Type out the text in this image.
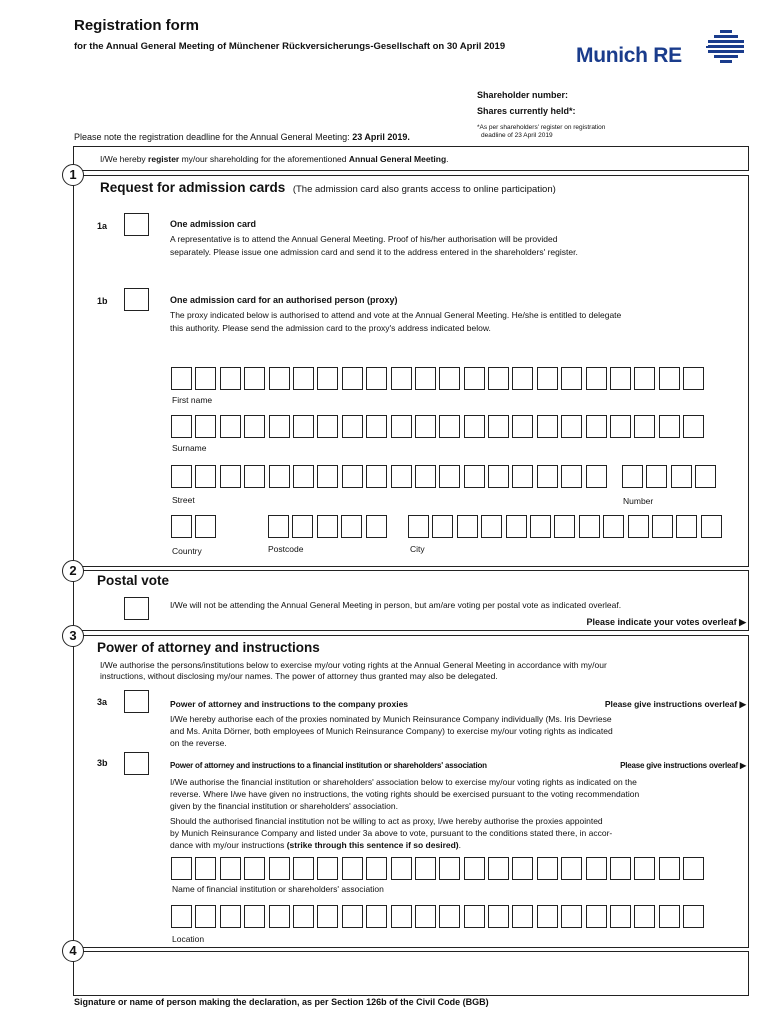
Registration form
for the Annual General Meeting of Münchener Rückversicherungs-Gesellschaft on 30 April 2019	Munich RE
Shareholder number:
Shares currently held*:
*As per shareholders' register on registration
deadline of 23 April 2019
Please note the registration deadline for the Annual General Meeting: 23 April 2019.
I/We hereby register my/our shareholding for the aforementioned Annual General Meeting.
1
Request for admission cards (The admission card also grants access to online participation)
1a	One admission card
A representative is to attend the Annual General Meeting. Proof of his/her authorisation will be provided
separately. Please issue one admission card and send it to the address entered in the shareholders' register.
1b	One admission card for an authorised person (proxy)
The proxy indicated below is authorised to attend and vote at the Annual General Meeting. He/she is entitled to delegate
this authority. Please send the admission card to the proxy's address indicated below.
First name
Surname
Street	Number
Country	Postcode	City
2
Postal vote
I/We will not be attending the Annual General Meeting in person, but am/are voting per postal vote as indicated overleaf.
Please indicate your votes overleaf ▶
3
Power of attorney and instructions
I/We authorise the persons/institutions below to exercise my/our voting rights at the Annual General Meeting in accordance with my/our
instructions, without disclosing my/our names. The power of attorney thus granted may also be delegated.
3a	Power of attorney and instructions to the company proxies	Please give instructions overleaf ▶
I/We hereby authorise each of the proxies nominated by Munich Reinsurance Company individually (Ms. Iris Devriese
and Ms. Anita Dörner, both employees of Munich Reinsurance Company) to exercise my/our voting rights as indicated
on the reverse.
3b	Power of attorney and instructions to a financial institution or shareholders' association	Please give instructions overleaf ▶
I/We authorise the financial institution or shareholders' association below to exercise my/our voting rights as indicated on the
reverse. Where I/we have given no instructions, the voting rights should be exercised pursuant to the voting recommendation
given by the financial institution or shareholders' association.
Should the authorised financial institution not be willing to act as proxy, I/we hereby authorise the proxies appointed
by Munich Reinsurance Company and listed under 3a above to vote, pursuant to the conditions stated there, in accor-
dance with my/our instructions (strike through this sentence if so desired).
Name of financial institution or shareholders' association
Location
4
Signature or name of person making the declaration, as per Section 126b of the Civil Code (BGB)
